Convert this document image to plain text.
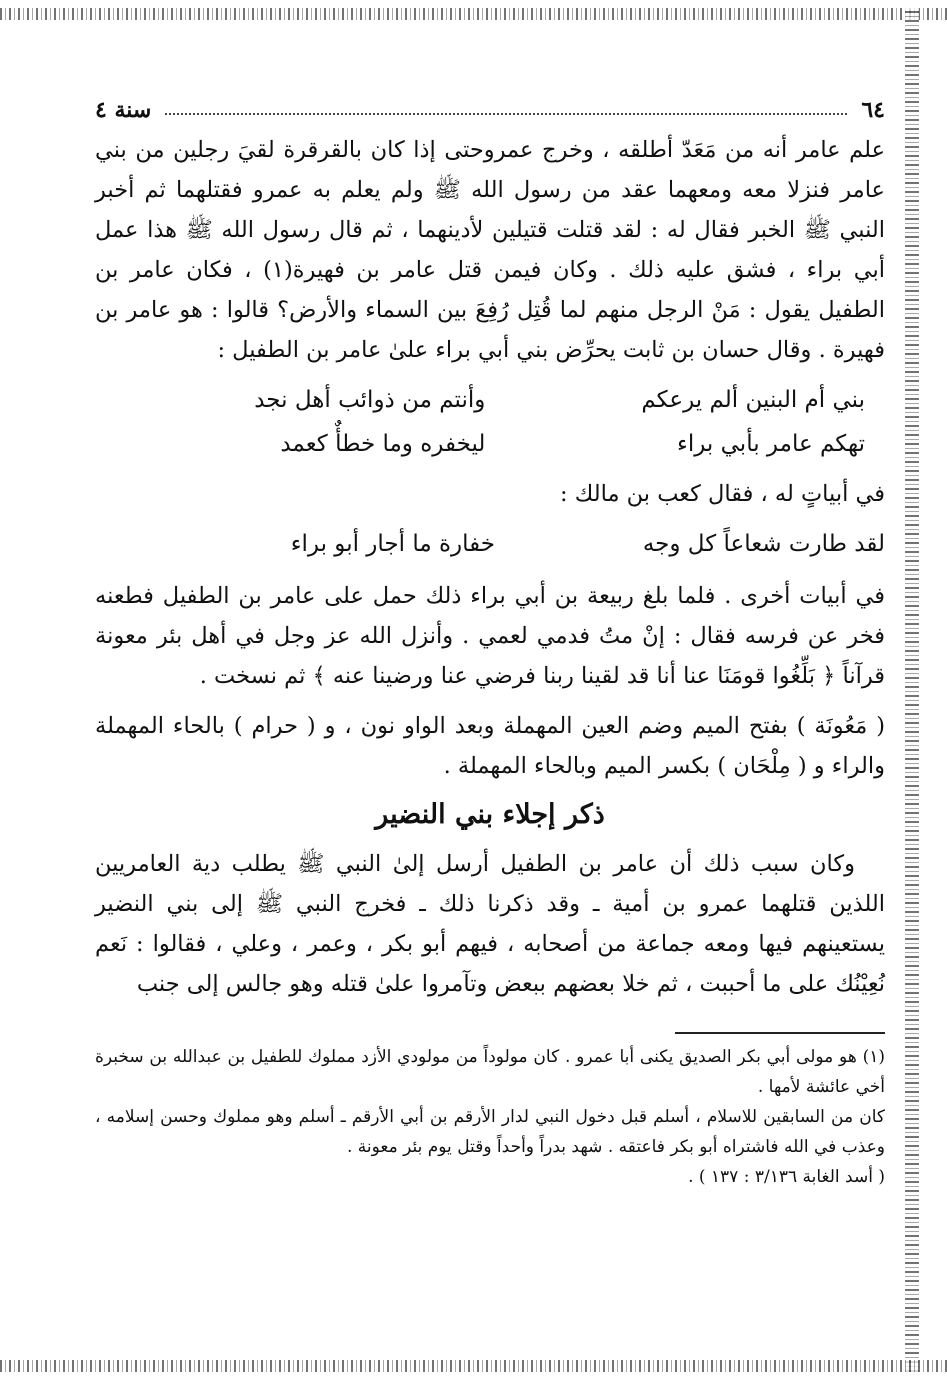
٦٤
سنة ٤

علم عامر أنه من مَعَدّ أطلقه ، وخرج عمروحتى إذا كان بالقرقرة لقيَ رجلين من بني عامر فنزلا معه ومعهما عقد من رسول الله ﷺ ولم يعلم به عمرو فقتلهما ثم أخبر النبي ﷺ الخبر فقال له : لقد قتلت قتيلين لأدينهما ، ثم قال رسول الله ﷺ هذا عمل أبي براء ، فشق عليه ذلك . وكان فيمن قتل عامر بن فهيرة(١) ، فكان عامر بن الطفيل يقول : مَنْ الرجل منهم لما قُتِل رُفِعَ بين السماء والأرض؟ قالوا : هو عامر بن فهيرة . وقال حسان بن ثابت يحرِّض بني أبي براء علىٰ عامر بن الطفيل :

بني أم البنين ألم يرعكم
وأنتم من ذوائب أهل نجد
تهكم عامر بأبي براء
ليخفره وما خطأٌ كعمد

في أبياتٍ له ، فقال كعب بن مالك :

لقد طارت شعاعاً كل وجه
خفارة ما أجار أبو براء

في أبيات أخرى . فلما بلغ ربيعة بن أبي براء ذلك حمل على عامر بن الطفيل فطعنه فخر عن فرسه فقال : إنْ متُ فدمي لعمي . وأنزل الله عز وجل في أهل بئر معونة قرآناً ﴿ بَلِّغُوا قومَنَا عنا أنا قد لقينا ربنا فرضي عنا ورضينا عنه ﴾ ثم نسخت .

( مَعُونَة ) بفتح الميم وضم العين المهملة وبعد الواو نون ، و ( حرام ) بالحاء المهملة والراء و ( مِلْحَان ) بكسر الميم وبالحاء المهملة .

ذكر إجلاء بني النضير

وكان سبب ذلك أن عامر بن الطفيل أرسل إلىٰ النبي ﷺ يطلب دية العامريين اللذين قتلهما عمرو بن أمية ـ وقد ذكرنا ذلك ـ فخرج النبي ﷺ إلى بني النضير يستعينهم فيها ومعه جماعة من أصحابه ، فيهم أبو بكر ، وعمر ، وعلي ، فقالوا : نَعم نُعِيْنُك على ما أحببت ، ثم خلا بعضهم ببعض وتآمروا علىٰ قتله وهو جالس إلى جنب

(١) هو مولى أبي بكر الصديق يكنى أبا عمرو . كان مولوداً من مولودي الأزد مملوك للطفيل بن عبدالله بن سخبرة أخي عائشة لأمها .

كان من السابقين للاسلام ، أسلم قبل دخول النبي لدار الأرقم بن أبي الأرقم ـ أسلم وهو مملوك وحسن إسلامه ، وعذب في الله فاشتراه أبو بكر فاعتقه . شهد بدراً وأحداً وقتل يوم بئر معونة .

( أسد الغابة ٣/١٣٦ : ١٣٧ ) .
